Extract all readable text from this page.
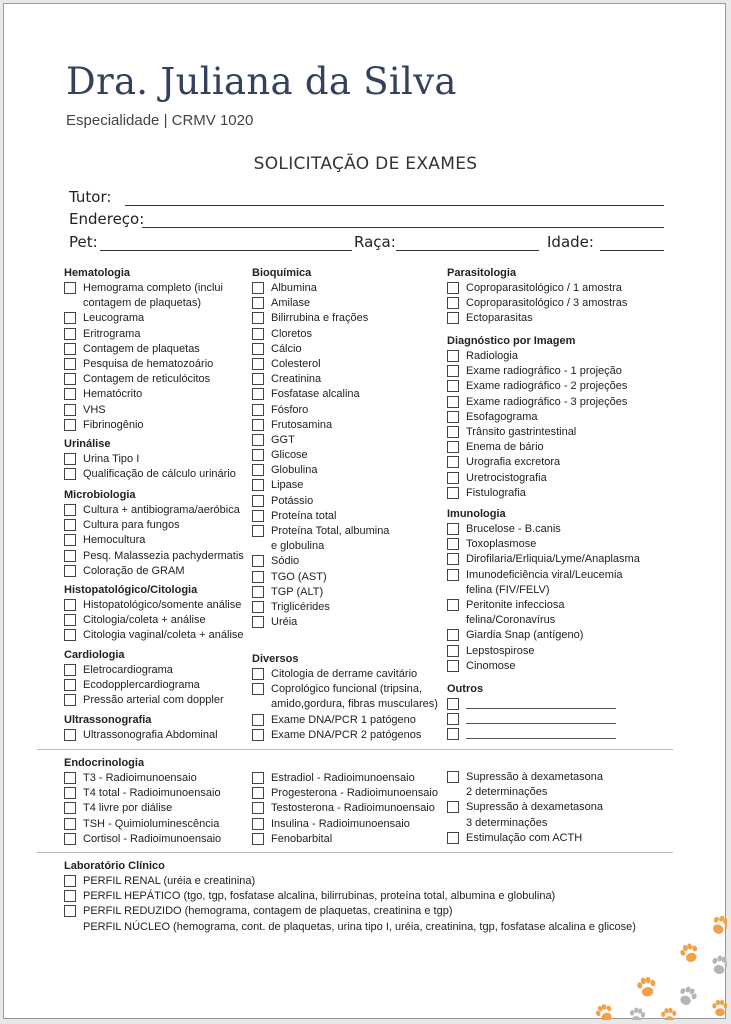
Dra. Juliana da Silva
Especialidade | CRMV 1020
SOLICITAÇÃO DE EXAMES
Tutor:
Endereço:
Pet:	Raça:	Idade:
Hematologia
Hemograma completo (inclui
contagem de plaquetas)
Leucograma
Eritrograma
Contagem de plaquetas
Pesquisa de hematozoário
Contagem de reticulócitos
Hematócrito
VHS
Fibrinogênio
Urinálise
Urina Tipo I
Qualificação de cálculo urinário
Microbiologia
Cultura + antibiograma/aeróbica
Cultura para fungos
Hemocultura
Pesq. Malassezia pachydermatis
Coloração de GRAM
Histopatológico/Citologia
Histopatológico/somente análise
Citologia/coleta + análise
Citologia vaginal/coleta + análise
Cardiologia
Eletrocardiograma
Ecodopplercardiograma
Pressão arterial com doppler
Ultrassonografia
Ultrassonografia Abdominal
Bioquímica
Albumina
Amilase
Bilirrubina e frações
Cloretos
Cálcio
Colesterol
Creatinina
Fosfatase alcalina
Fósforo
Frutosamina
GGT
Glicose
Globulina
Lipase
Potássio
Proteína total
Proteína Total, albumina
e globulina
Sódio
TGO (AST)
TGP (ALT)
Triglicérides
Uréia
Diversos
Citologia de derrame cavitário
Coprológico funcional (tripsina,
amido,gordura, fibras musculares)
Exame DNA/PCR 1 patógeno
Exame DNA/PCR 2 patógenos
Parasitologia
Coproparasitológico / 1 amostra
Coproparasitológico / 3 amostras
Ectoparasitas
Diagnóstico por Imagem
Radiologia
Exame radiográfico - 1 projeção
Exame radiográfico - 2 projeções
Exame radiográfico - 3 projeções
Esofagograma
Trânsito gastrintestinal
Enema de bário
Urografia excretora
Uretrocistografia
Fistulografia
Imunologia
Brucelose - B.canis
Toxoplasmose
Dirofilaria/Erliquia/Lyme/Anaplasma
Imunodeficiência viral/Leucemia
felina (FIV/FELV)
Peritonite infecciosa
felina/Coronavírus
Giardia Snap (antígeno)
Lepstospirose
Cinomose
Outros
Endocrinologia
T3 - Radioimunoensaio
T4 total - Radioimunoensaio
T4 livre por diálise
TSH - Quimioluminescência
Cortisol - Radioimunoensaio
Estradiol - Radioimunoensaio
Progesterona - Radioimunoensaio
Testosterona - Radioimunoensaio
Insulina - Radioimunoensaio
Fenobarbital
Supressão à dexametasona
2 determinações
Supressão à dexametasona
3 determinações
Estimulação com ACTH
Laboratório Clínico
PERFIL RENAL (uréia e creatinina)
PERFIL HEPÁTICO (tgo, tgp, fosfatase alcalina, bilirrubinas, proteína total, albumina e globulina)
PERFIL REDUZIDO (hemograma, contagem de plaquetas, creatinina e tgp)
PERFIL NÚCLEO (hemograma, cont. de plaquetas, urina tipo I, uréia, creatinina, tgp, fosfatase alcalina e glicose)
